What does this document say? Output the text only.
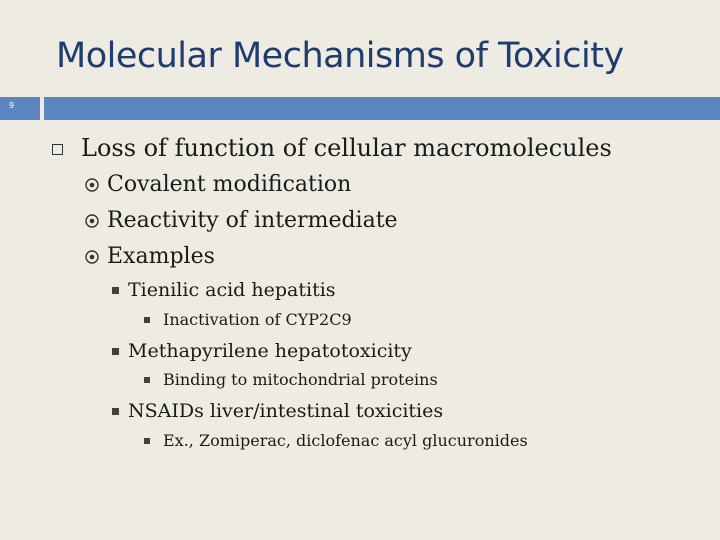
Molecular Mechanisms of Toxicity
9
Loss of function of cellular macromolecules
Covalent modification
Reactivity of intermediate
Examples
Tienilic acid hepatitis
Inactivation of CYP2C9
Methapyrilene hepatotoxicity
Binding to mitochondrial proteins
NSAIDs liver/intestinal toxicities
Ex., Zomiperac, diclofenac acyl glucuronides
